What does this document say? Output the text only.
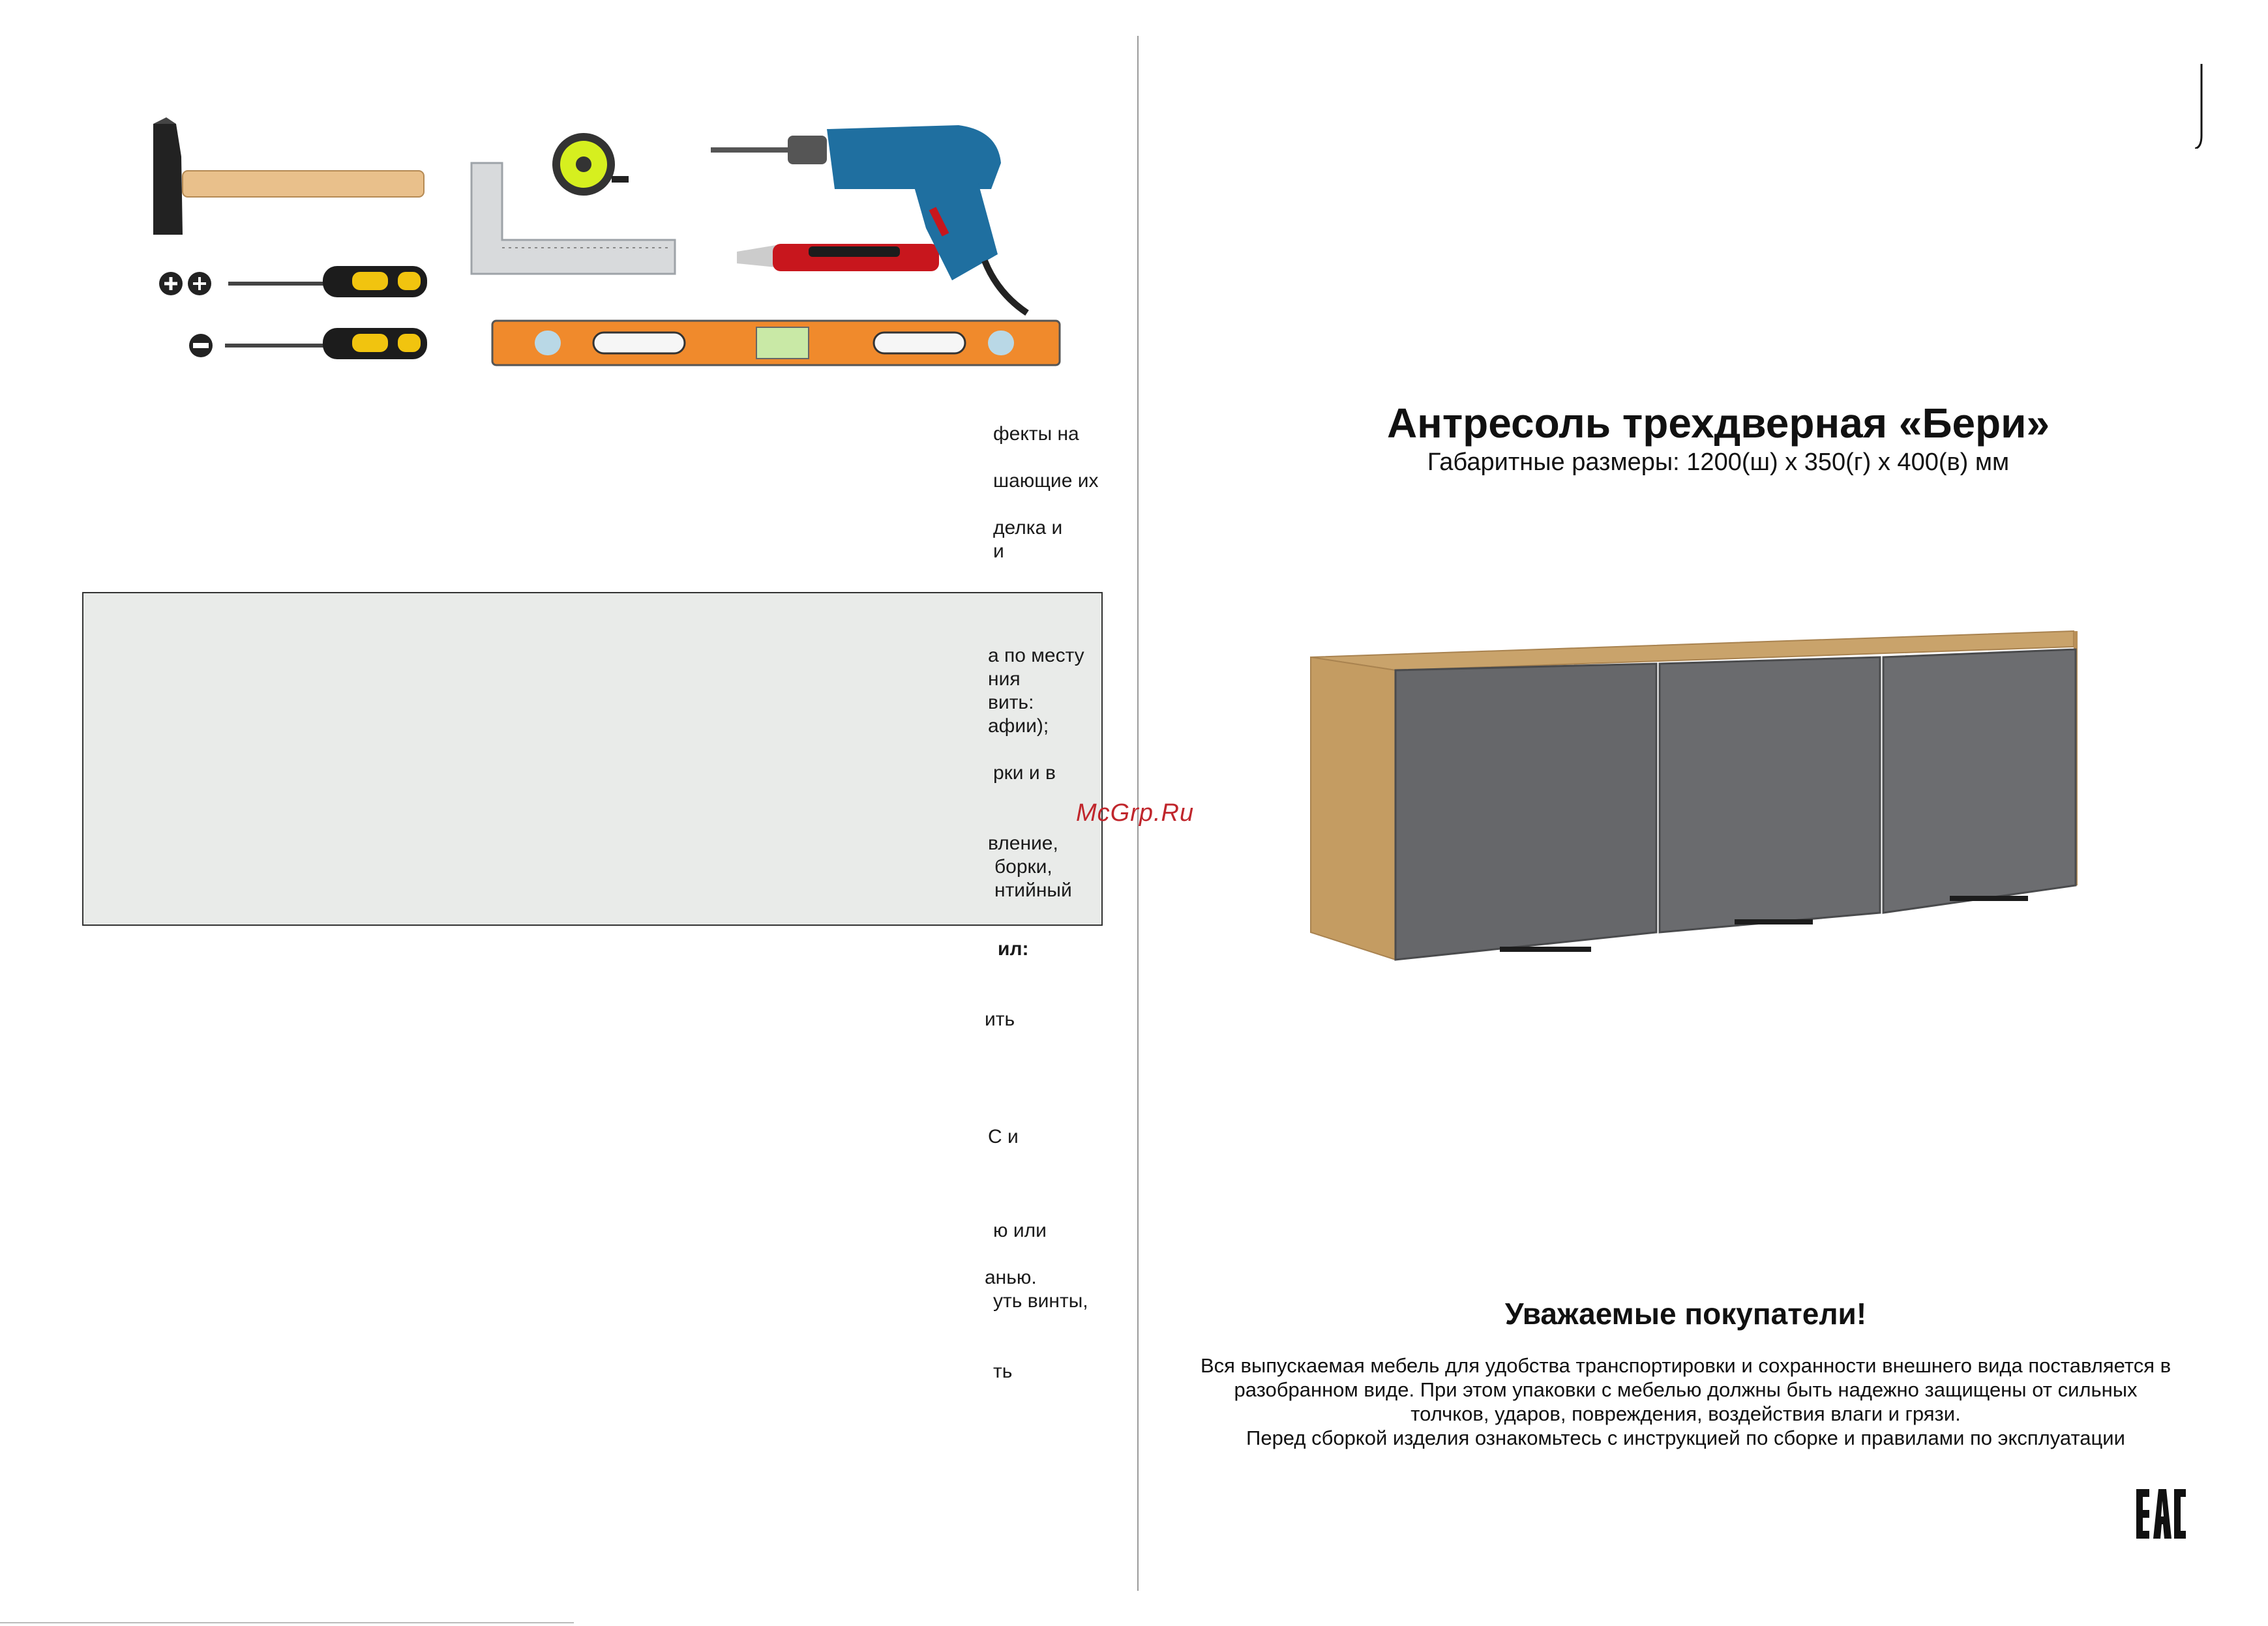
фекты на
шающие их
делка и
и
а по месту
ния
вить:
афии);
рки и в
вление,
борки,
нтийный
ил:
ить
С и
ю или
анью.
уть винты,
ть
McGrp.Ru
Антресоль трехдверная «Бери»
Габаритные размеры: 1200(ш) х 350(г) х 400(в) мм
Уважаемые покупатели!
Вся выпускаемая мебель для удобства транспортировки и сохранности внешнего вида поставляется в
разобранном виде. При этом упаковки с мебелью должны быть надежно защищены от сильных
толчков, ударов, повреждения, воздействия влаги и грязи.
Перед сборкой изделия ознакомьтесь с инструкцией по сборке и правилами по эксплуатации
